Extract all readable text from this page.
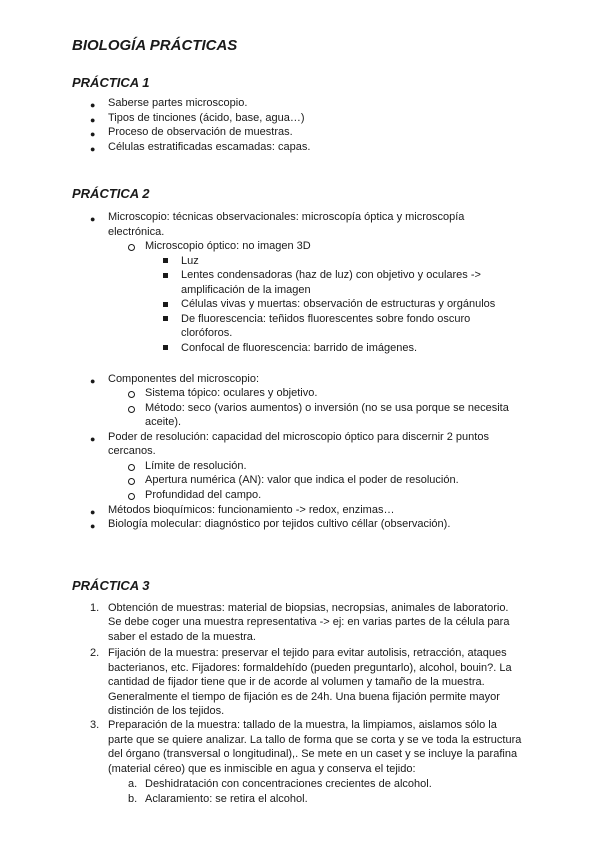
BIOLOGÍA PRÁCTICAS
PRÁCTICA 1
● Saberse partes microscopio.

● Tipos de tinciones (ácido, base, agua…)

● Proceso de observación de muestras.

● Células estratificadas escamadas: capas.

PRÁCTICA 2
● Microscopio: técnicas observacionales: microscopía óptica y microscopía

electrónica.

Microscopio óptico: no imagen 3D

Luz

Lentes condensadoras (haz de luz) con objetivo y oculares ->

amplificación de la imagen

Células vivas y muertas: observación de estructuras y orgánulos

De fluorescencia: teñidos fluorescentes sobre fondo oscuro

cloróforos.

Confocal de fluorescencia: barrido de imágenes.

● Componentes del microscopio:

Sistema tópico: oculares y objetivo.

Método: seco (varios aumentos) o inversión (no se usa porque se necesita

aceite).

● Poder de resolución: capacidad del microscopio óptico para discernir 2 puntos

cercanos.

Límite de resolución.

Apertura numérica (AN): valor que indica el poder de resolución.

Profundidad del campo.

● Métodos bioquímicos: funcionamiento -> redox, enzimas…

● Biología molecular: diagnóstico por tejidos cultivo céllar (observación).

PRÁCTICA 3
1. Obtención de muestras: material de biopsias, necropsias, animales de laboratorio.

Se debe coger una muestra representativa -> ej: en varias partes de la célula para

saber el estado de la muestra.

2. Fijación de la muestra: preservar el tejido para evitar autolisis, retracción, ataques

bacterianos, etc. Fijadores: formaldehído (pueden preguntarlo), alcohol, bouin?. La

cantidad de fijador tiene que ir de acorde al volumen y tamaño de la muestra.

Generalmente el tiempo de fijación es de 24h. Una buena fijación permite mayor

distinción de los tejidos.

3. Preparación de la muestra: tallado de la muestra, la limpiamos, aislamos sólo la

parte que se quiere analizar. La tallo de forma que se corta y se ve toda la estructura

del órgano (transversal o longitudinal),. Se mete en un caset y se incluye la parafina

(material céreo) que es inmiscible en agua y conserva el tejido:

a. Deshidratación con concentraciones crecientes de alcohol.

b. Aclaramiento: se retira el alcohol.
